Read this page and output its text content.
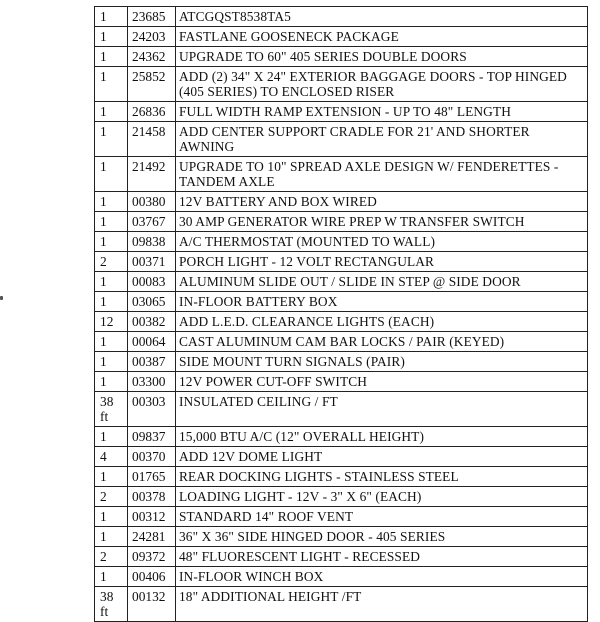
1	23685	ATCGQST8538TA5
1	24203	FASTLANE GOOSENECK PACKAGE
1	24362	UPGRADE TO 60" 405 SERIES DOUBLE DOORS
1	25852	ADD (2) 34" X 24" EXTERIOR BAGGAGE DOORS - TOP HINGED (405 SERIES) TO ENCLOSED RISER
1	26836	FULL WIDTH RAMP EXTENSION - UP TO 48" LENGTH
1	21458	ADD CENTER SUPPORT CRADLE FOR 21' AND SHORTER AWNING
1	21492	UPGRADE TO 10" SPREAD AXLE DESIGN W/ FENDERETTES - TANDEM AXLE
1	00380	12V BATTERY AND BOX WIRED
1	03767	30 AMP GENERATOR WIRE PREP W TRANSFER SWITCH
1	09838	A/C THERMOSTAT (MOUNTED TO WALL)
2	00371	PORCH LIGHT - 12 VOLT RECTANGULAR
1	00083	ALUMINUM SLIDE OUT / SLIDE IN STEP @ SIDE DOOR
1	03065	IN-FLOOR BATTERY BOX
12	00382	ADD L.E.D. CLEARANCE LIGHTS (EACH)
1	00064	CAST ALUMINUM CAM BAR LOCKS / PAIR (KEYED)
1	00387	SIDE MOUNT TURN SIGNALS (PAIR)
1	03300	12V POWER CUT-OFF SWITCH
38 ft	00303	INSULATED CEILING / FT
1	09837	15,000 BTU A/C (12" OVERALL HEIGHT)
4	00370	ADD 12V DOME LIGHT
1	01765	REAR DOCKING LIGHTS - STAINLESS STEEL
2	00378	LOADING LIGHT - 12V - 3" X 6" (EACH)
1	00312	STANDARD 14" ROOF VENT
1	24281	36" X 36" SIDE HINGED DOOR - 405 SERIES
2	09372	48" FLUORESCENT LIGHT - RECESSED
1	00406	IN-FLOOR WINCH BOX
38 ft	00132	18" ADDITIONAL HEIGHT /FT
